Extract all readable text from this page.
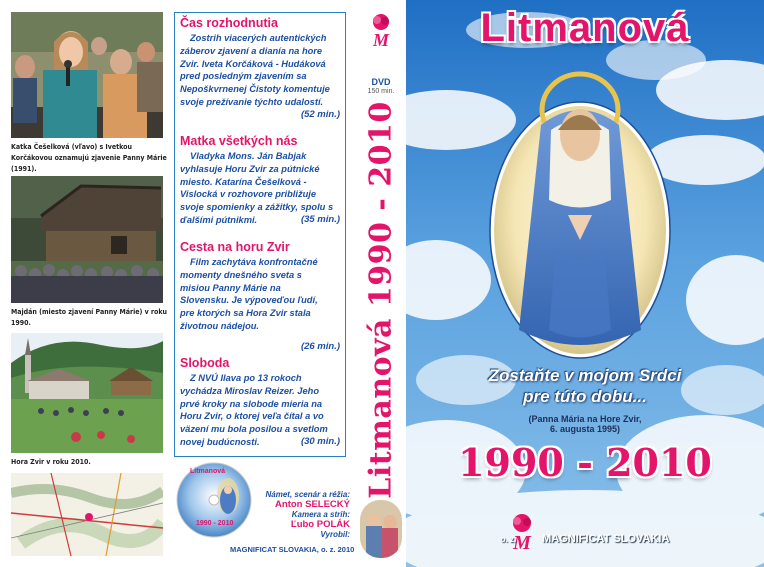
Katka Češelková (vľavo) s Ivetkou Korčákovou oznamujú zjavenie Panny Márie (1991).
Majdán (miesto zjavení Panny Márie) v roku 1990.
Hora Zvir v roku 2010.
Čas rozhodnutia
Zostrih viacerých autentických záberov zjavení a dianía na hore Zvir. Iveta Korčáková - Hudáková pred posledným zjavením sa Nepoškvrnenej Čistoty komentuje svoje prežívanie týchto udalostí.
(52 min.)
Matka všetkých nás
Vladyka Mons. Ján Babjak vyhlasuje Horu Zvir za pútnické miesto. Katarína Češelková - Vislocká v rozhovore približuje svoje spomienky a zážitky, spolu s ďalšími pútnikmi.	(35 min.)
Cesta na horu Zvir
Film zachytáva konfrontačné momenty dnešného sveta s misiou Panny Márie na Slovensku. Je výpoveďou ľudí, pre ktorých sa Hora Zvir stala životnou nádejou.
(26 min.)
Sloboda
Z NVÚ Ilava po 13 rokoch vychádza Miroslav Reizer. Jeho prvé kroky na slobode mieria na Horu Zvir, o ktorej veľa čítal a vo väzení mu bola posilou a svetlom novej budúcnosti.	(30 min.)
Litmanová
1990 - 2010
Námet, scenár a réžia:
Anton SELECKÝ
Kamera a strih:
Ľubo POLÁK
Vyrobil:
MAGNIFICAT SLOVAKIA, o. z. 2010
M
DVD
150 min.
Litmanová 1990 - 2010
Litmanová
Zostaňte v mojom Srdci
pre túto dobu...
(Panna Mária na Hore Zvir,
6. augusta 1995)
1990 - 2010
M
o. z. MAGNIFICAT SLOVAKIA
